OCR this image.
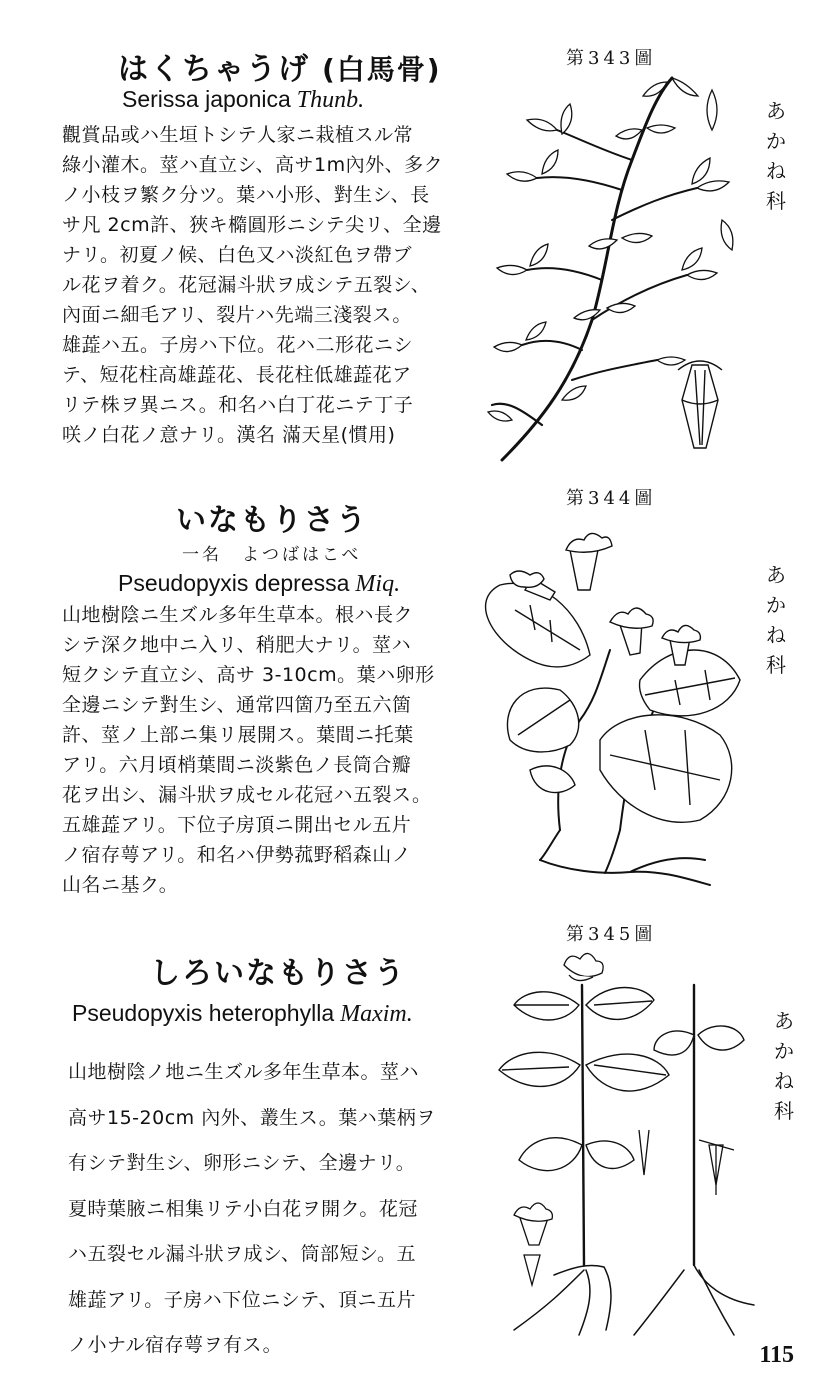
はくちゃうげ (白馬骨)
Serissa japonica Thunb.
觀賞品或ハ生垣トシテ人家ニ栽植スル常
綠小灌木。莖ハ直立シ、高サ1m內外、多ク
ノ小枝ヲ繁ク分ツ。葉ハ小形、對生シ、長
サ凡 2cm許、狹キ橢圓形ニシテ尖リ、全邊
ナリ。初夏ノ候、白色又ハ淡紅色ヲ帶ブ
ル花ヲ着ク。花冠漏斗狀ヲ成シテ五裂シ、
內面ニ細毛アリ、裂片ハ先端三淺裂ス。
雄蕋ハ五。子房ハ下位。花ハ二形花ニシ
テ、短花柱高雄蕋花、長花柱低雄蕋花ア
リテ株ヲ異ニス。和名ハ白丁花ニテ丁子
咲ノ白花ノ意ナリ。漢名 滿天星(慣用)
第343圖
あ
か
ね
科
いなもりさう
一名　よつばはこべ
Pseudopyxis depressa Miq.
山地樹陰ニ生ズル多年生草本。根ハ長ク
シテ深ク地中ニ入リ、稍肥大ナリ。莖ハ
短クシテ直立シ、高サ 3-10cm。葉ハ卵形
全邊ニシテ對生シ、通常四箇乃至五六箇
許、莖ノ上部ニ集リ展開ス。葉間ニ托葉
アリ。六月頃梢葉間ニ淡紫色ノ長筒合瓣
花ヲ出シ、漏斗狀ヲ成セル花冠ハ五裂ス。
五雄蕋アリ。下位子房頂ニ開出セル五片
ノ宿存萼アリ。和名ハ伊勢菰野稻森山ノ
山名ニ基ク。
第344圖
あ
か
ね
科
しろいなもりさう
Pseudopyxis heterophylla Maxim.
山地樹陰ノ地ニ生ズル多年生草本。莖ハ
高サ15-20cm 內外、叢生ス。葉ハ葉柄ヲ
有シテ對生シ、卵形ニシテ、全邊ナリ。
夏時葉腋ニ相集リテ小白花ヲ開ク。花冠
ハ五裂セル漏斗狀ヲ成シ、筒部短シ。五
雄蕋アリ。子房ハ下位ニシテ、頂ニ五片
ノ小ナル宿存萼ヲ有ス。
第345圖
あ
か
ね
科
115
